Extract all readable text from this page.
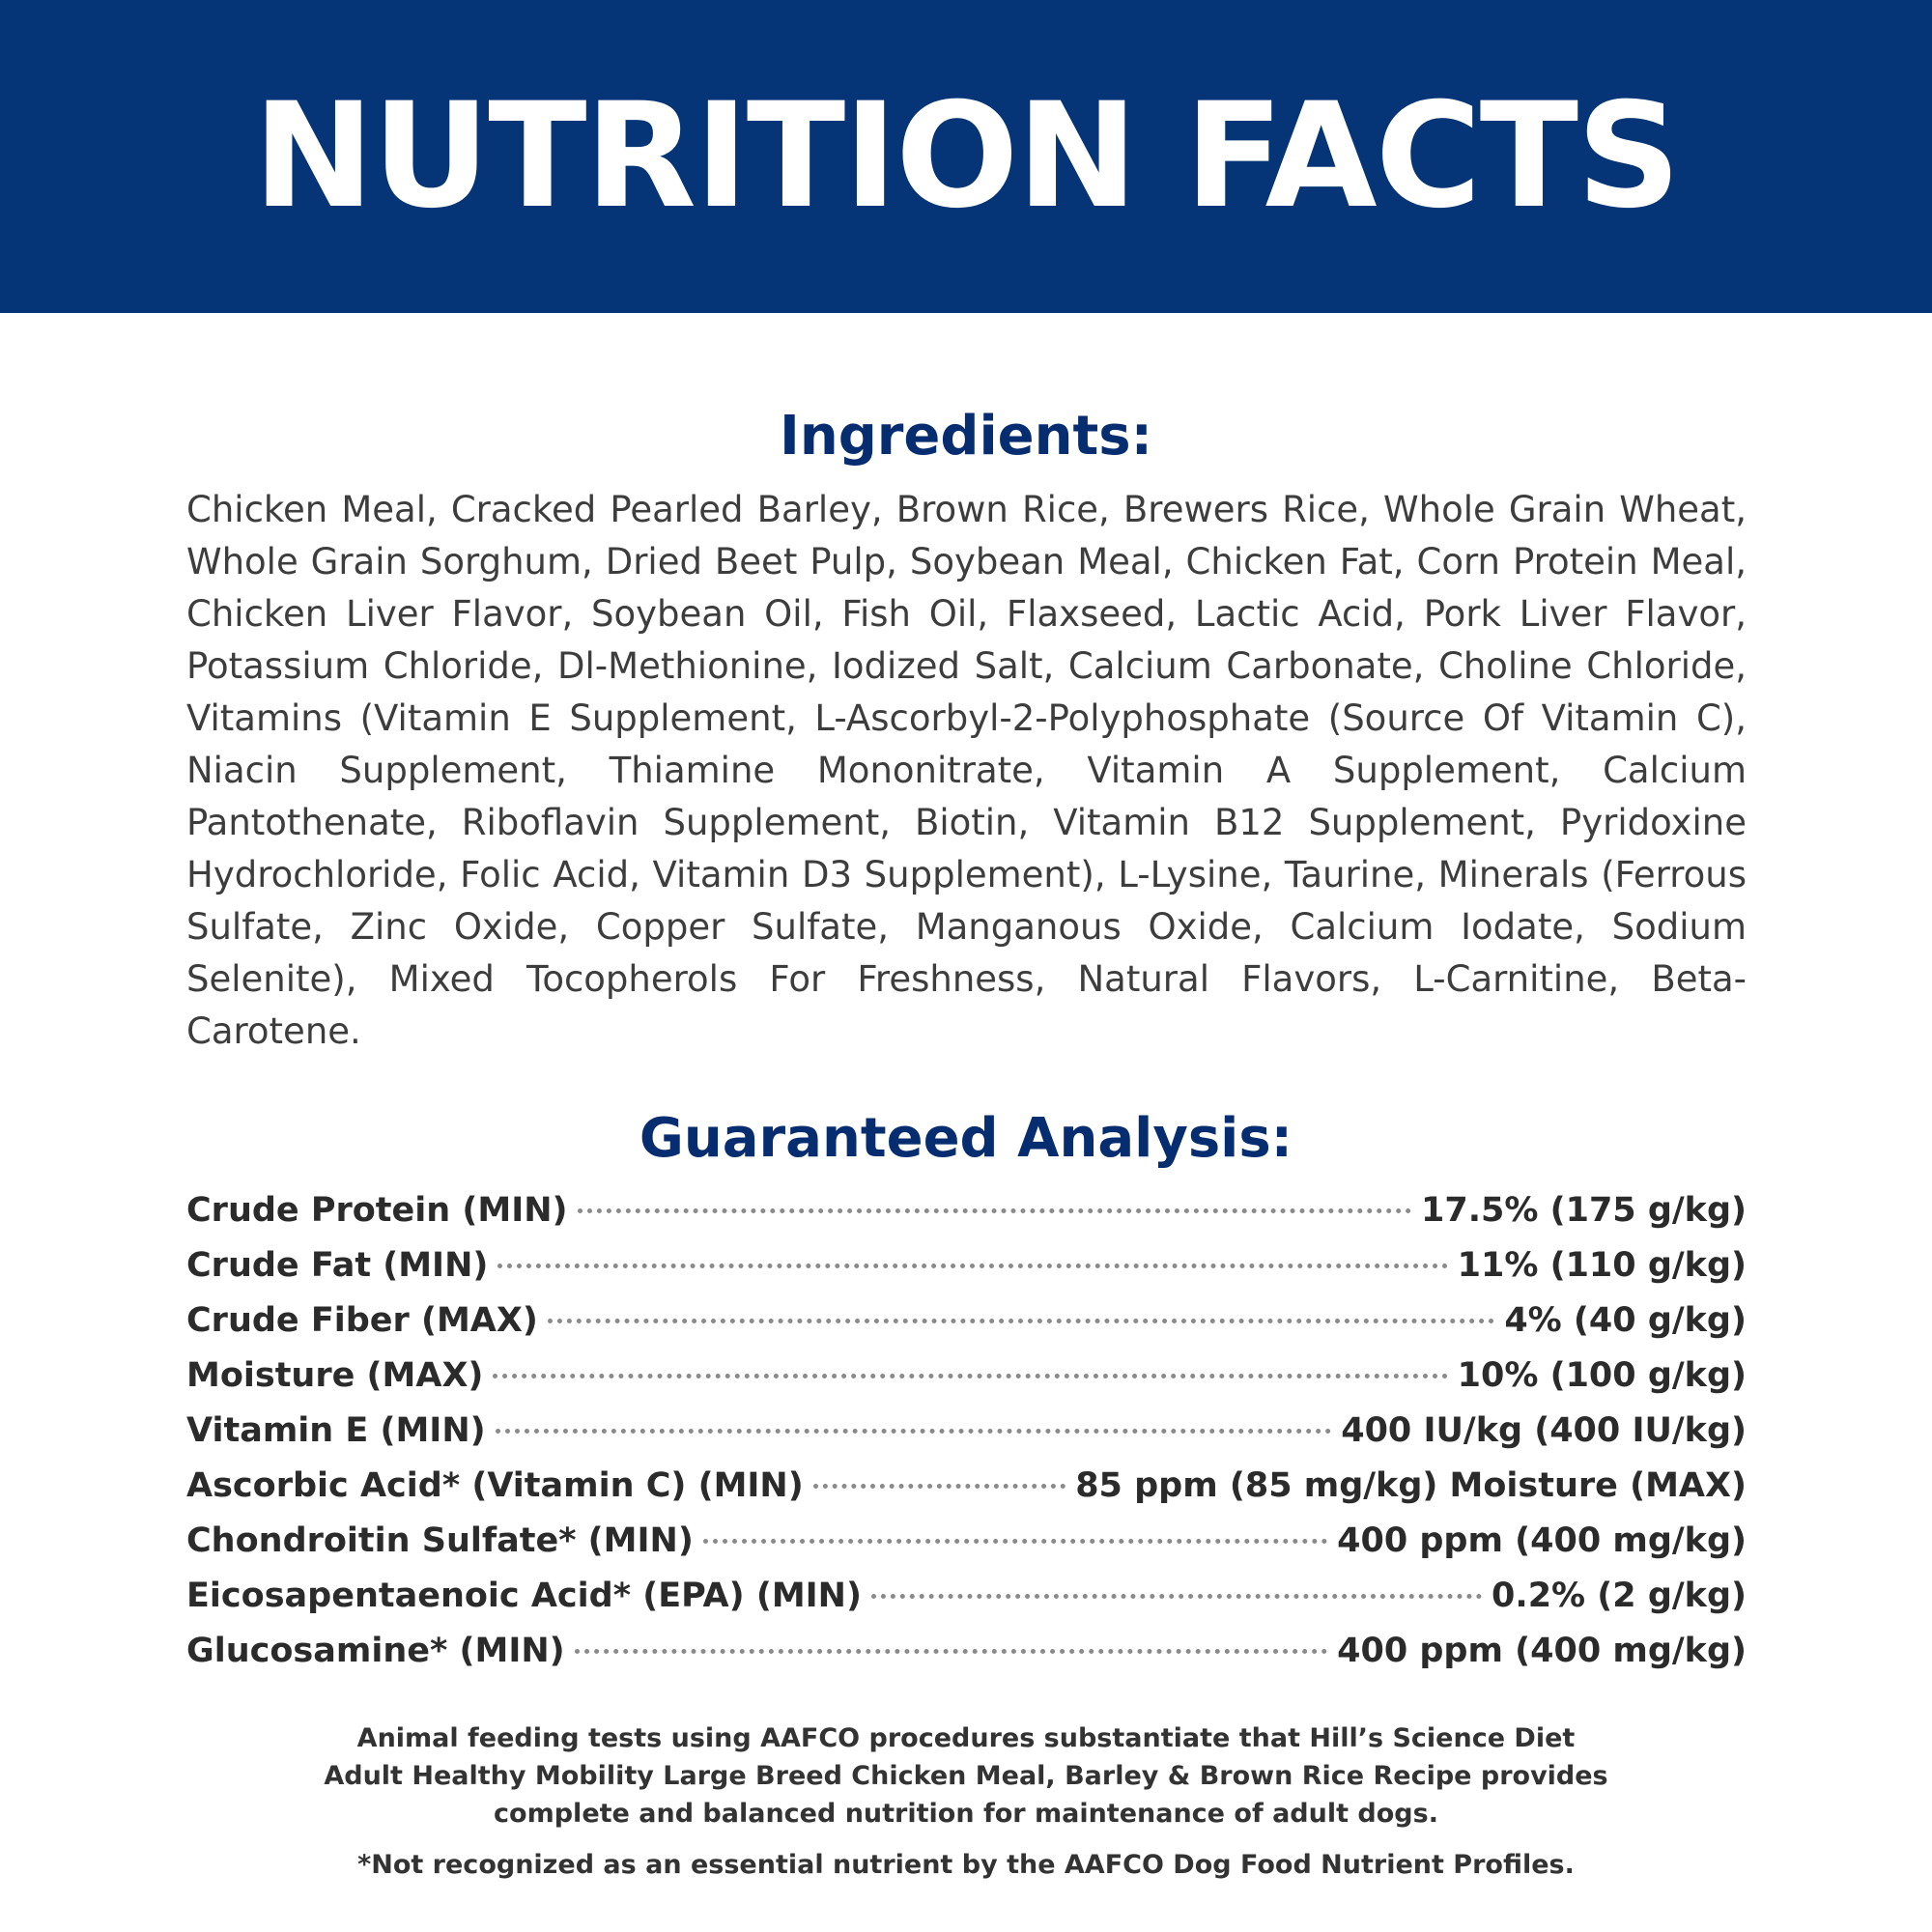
NUTRITION FACTS
Ingredients:

Chicken Meal, Cracked Pearled Barley, Brown Rice, Brewers Rice, Whole Grain Wheat, Whole Grain Sorghum, Dried Beet Pulp, Soybean Meal, Chicken Fat, Corn Protein Meal, Chicken Liver Flavor, Soybean Oil, Fish Oil, Flaxseed, Lactic Acid, Pork Liver Flavor, Potassium Chloride, Dl-Methionine, Iodized Salt, Calcium Carbonate, Choline Chloride, Vitamins (Vitamin E Supplement, L-Ascorbyl-2-Polyphosphate (Source Of Vitamin C), Niacin Supplement, Thiamine Mononitrate, Vitamin A Supplement, Calcium Pantothenate, Riboflavin Supplement, Biotin, Vitamin B12 Supplement, Pyridoxine Hydrochloride, Folic Acid, Vitamin D3 Supplement), L-Lysine, Taurine, Minerals (Ferrous Sulfate, Zinc Oxide, Copper Sulfate, Manganous Oxide, Calcium Iodate, Sodium Selenite), Mixed Tocopherols For Freshness, Natural Flavors, L-Carnitine, Beta-Carotene.

Guaranteed Analysis:
Crude Protein (MIN)	17.5% (175 g/kg)
Crude Fat (MIN)	11% (110 g/kg)
Crude Fiber (MAX)	4% (40 g/kg)
Moisture (MAX)	10% (100 g/kg)
Vitamin E (MIN)	400 IU/kg (400 IU/kg)
Ascorbic Acid* (Vitamin C) (MIN)	85 ppm (85 mg/kg) Moisture (MAX)
Chondroitin Sulfate* (MIN)	400 ppm (400 mg/kg)
Eicosapentaenoic Acid* (EPA) (MIN)	0.2% (2 g/kg)
Glucosamine* (MIN)	400 ppm (400 mg/kg)

Animal feeding tests using AAFCO procedures substantiate that Hill’s Science Diet
Adult Healthy Mobility Large Breed Chicken Meal, Barley & Brown Rice Recipe provides
complete and balanced nutrition for maintenance of adult dogs.

*Not recognized as an essential nutrient by the AAFCO Dog Food Nutrient Profiles.
